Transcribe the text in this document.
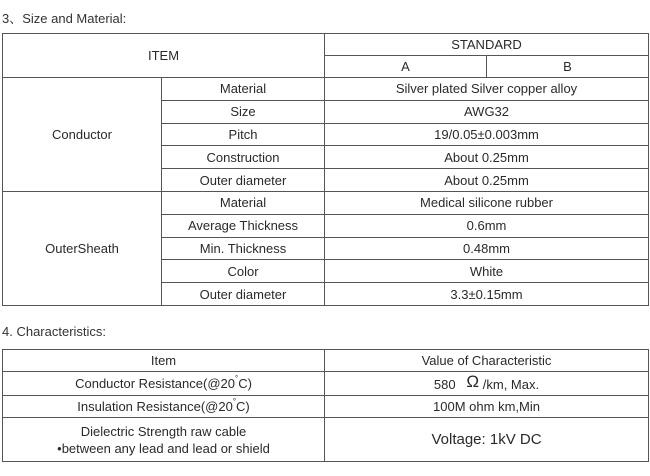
3、Size and Material:
ITEM		STANDARD	
		A	B
Conductor	Material	Silver plated Silver copper alloy	
	Size	AWG32	
	Pitch	19/0.05±0.003mm	
	Construction	About 0.25mm	
	Outer diameter	About 0.25mm	
OuterSheath	Material	Medical silicone rubber	
	Average Thickness	0.6mm	
	Min. Thickness	0.48mm	
	Color	White	
	Outer diameter	3.3±0.15mm	
4. Characteristics:
Item	Value of Characteristic
Conductor Resistance(@20°C)	580 Ω /km, Max.
Insulation Resistance(@20°C)	100M ohm km,Min

Dielectric Strength raw cable
•between any lead and lead or shield	Voltage: 1kV DC
